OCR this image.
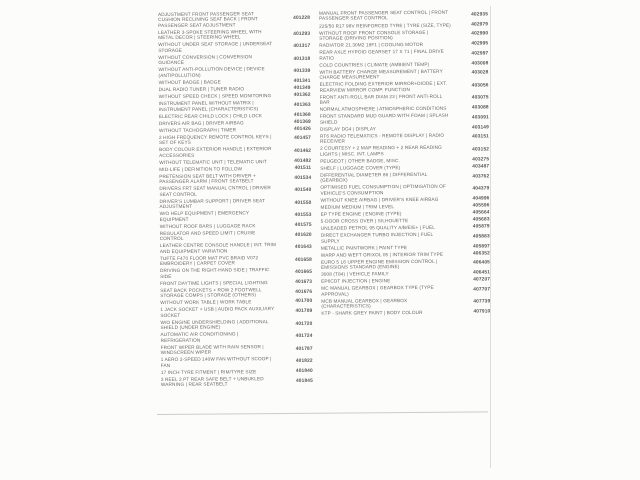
ADJUSTMENT FRONT PASSENGER SEAT CUSHION RECLINING SEAT BACK | FRONT PASSENGER SEAT ADJUSTMENT
401228
LEATHER 3-SPOKE STEERING WHEEL WITH METAL DECOR | STEERING WHEEL
401293
WITHOUT UNDER SEAT STORAGE | UNDERSEAT STORAGE
401317
WITHOUT CONVERSION | CONVERSION GUIDANCE
401318
WITHOUT ANTI-POLLUTION DEVICE | DEVICE (ANTIPOLLUTION)
401339
WITHOUT BADGE | BADGE	401341
DUAL RADIO TUNER | TUNER RADIO	401349
WITHOUT SPEED CHECK | SPEED MONITORING	401362
INSTRUMENT PANEL WITHOUT MATRIX | INSTRUMENT PANEL (CHARACTERISTICS)
401363
ELECTRIC REAR CHILD LOCK | CHILD LOCK	401368
DRIVERS AIR BAG | DRIVER AIRBAG	401369
WITHOUT TACHOGRAPH | TIMER	401426
2 HIGH FREQUENCY REMOTE CONTROL KEYS | SET OF KEYS
401457
BODY COLOUR EXTERIOR HANDLE | EXTERIOR ACCESSORIES
401462
WITHOUT TELEMATIC UNIT | TELEMATIC UNIT	401482
MID-LIFE | DEFINITION TO FOLLOW	401511
PRETENSION SEAT BELT WITH DRIVER + PASSENGER ALARM | FRONT SEATBELT
401534
DRIVERS FRT SEAT MANUAL CNTROL | DRIVER SEAT CONTROL
401540
DRIVER'S LUMBAR SUPPORT | DRIVER SEAT ADJUSTMENT
401550
W/O HELP EQUIPMENT | EMERGENCY EQUIPMENT
401553
WITHOUT ROOF BARS | LUGGAGE RACK	401575
REGULATOR AND SPEED LIMIT | CRUISE CONTROL
401620
LEATHER CENTRE CONSOLE HANDLE | INT. TRIM AND EQUIPMENT VARIATION
401643
TUFTE F470 FLOOR MAT PVC BRAID V072 EMBROIDERY | CARPET COVER
401658
DRIVING ON THE RIGHT-HAND SIDE | TRAFFIC SIDE
401665
FRONT DAYTIME LIGHTS | SPECIAL LIGHTING	401673
SEAT BACK POCKETS + ROW 2 FOOTWELL STORAGE COMPS | STORAGE (OTHERS)
401676
WITHOUT WORK TABLE | WORK TABLE	401700
1 JACK SOCKET + USB | AUDIO PACK AUXILIARY SOCKET
401709
W/O ENGINE UNDERSHIELDING | ADDITIONAL SHIELD (UNDER ENGINE)
401720
AUTOMATIC AIR CONDITIONING | REFRIGERATION
401724
FRONT WIPER BLADE WITH RAIN SENSOR | WINDSCREEN WIPER
401787
1 AERO 2-SPEED 140W FAN WITHOUT SCOOP | FAN
401822
17 INCH TYRE FITMENT | RIM/TYRE SIZE	401840
3 REEL 3 PT REAR SAFE BELT + UNBUKLED WARNING | REAR SEATBELT
401845
MANUAL FRONT PASSENGER SEAT CONTROL | FRONT PASSENGER SEAT CONTROL
402935
225/50 R17 98V REINFORCED TYRE | TYRE (SIZE, TYPE)	402979
WITHOUT ROOF FRONT CONSOLE STORAGE | STORAGE (DRIVING POSITION)
402990
RADIATOR 21.30M2 18F1 | COOLING MOTOR	402995
REAR AXLE HYPOID GEARSET 17 X 71 | FINAL DRIVE RATIO
402997
COLD COUNTRIES | CLIMATE (AMBIENT TEMP)	403008
WITH BATTERY CHARGE MEASUREMENT | BATTERY CHARGE MEASUREMENT
403028
ELECTRIC FOLDING EXTERIOR MIRROR+DIODE | EXT. REARVIEW MIRROR COMP. FUNCTION
403056
FRONT ANTI-ROLL BAR DIAM 23 | FRONT ANTI-ROLL BAR
403075
NORMAL ATMOSPHERE | ATMOSPHERIC CONDITIONS	403088
FRONT STANDARD MUD GUARD WITH FOAM | SPLASH SHIELD
403091
DISPLAY DG4 | DISPLAY	403149
RT6 RADIO TELEMATICS - REMOTE DISPLAY | RADIO RECEIVER
403151
2 COURTESY + 2 MAP READING + 2 REAR READING LIGHTS | MISC. INT. LAMPS
403152
PEUGEOT | OTHER BADGE, MISC.	403275
SHELF | LUGGAGE COVER (TYPE)	403487
DIFFERENTIAL DIAMETER 86 | DIFFERENTIAL (GEARBOX)
403762
OPTIMISED FUEL CONSUMPTION | OPTIMISATION OF VEHICLE'S CONSUMPTION
404379
WITHOUT KNEE AIRBAG | DRIVER'S KNEE AIRBAG	404996
MEDIUM MEDIUM | TRIM LEVEL	405596
EP TYPE ENGINE | ENGINE (TYPE)	405664
5-DOOR CROSS OVER | SILHOUETTE	405683
UNLEADED PETROL 95 QUALITY A/B/E/E+ | FUEL	405879
DIRECT EXCHANGER TURBO INJECTION | FUEL SUPPLY
405883
METALLIC PAINTWORK | PAINT TYPE	405897
WARP AND WEFT GRIXOL 05 | INTERIOR TRIM TYPE	406352
EURO 5 L6 UPPER ENGINE EMISSION CONTROL | EMISSIONS STANDARD (ENGINE)
406405
3008 (T84) | VEHICLE FAMILY	406451
EP6CDT INJECTION | ENGINE	407207
MC MANUAL GEARBOX | GEARBOX TYPE (TYPE APPROVAL)
407707
MCB MANUAL GEARBOX | GEARBOX (CHARACTERISTICS)
407739
KTP - SHARK GREY PAINT | BODY COLOUR	407910
